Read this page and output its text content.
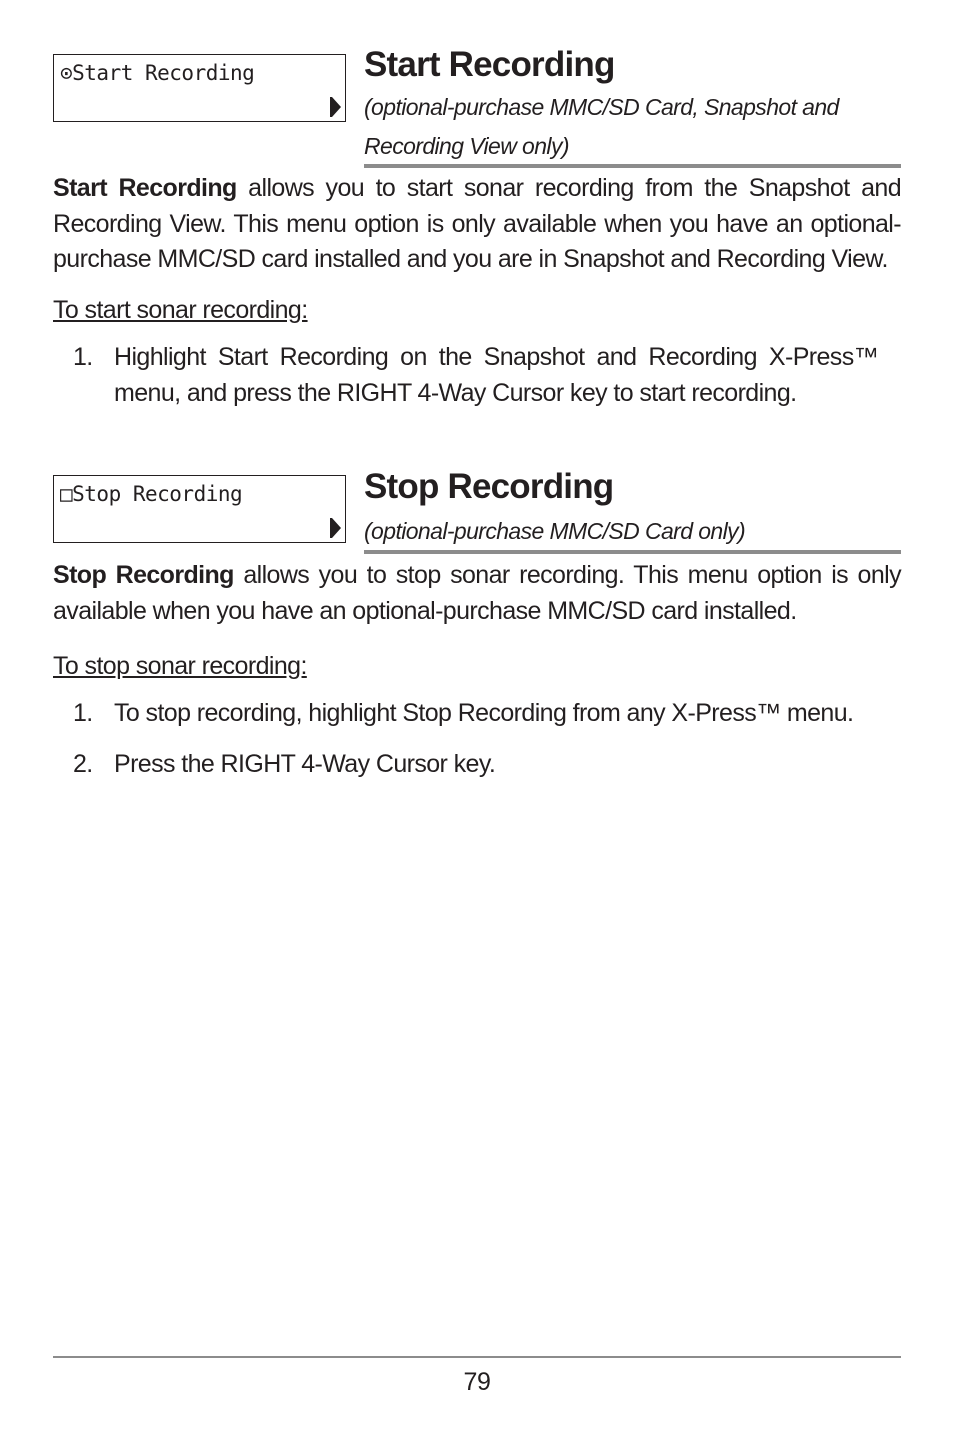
⊙Start Recording	Start Recording

(optional-purchase MMC/SD Card, Snapshot and Recording View only)

Start Recording allows you to start sonar recording from the Snapshot and Recording View. This menu option is only available when you have an optional-purchase MMC/SD card installed and you are in Snapshot and Recording View.

To start sonar recording:

1. Highlight Start Recording on the Snapshot and Recording X-Press™ menu, and press the RIGHT 4-Way Cursor key to start recording.
□Stop Recording	Stop Recording

(optional-purchase MMC/SD Card only)

Stop Recording allows you to stop sonar recording. This menu option is only available when you have an optional-purchase MMC/SD card installed.

To stop sonar recording:

1. To stop recording, highlight Stop Recording from any X-Press™ menu.
2. Press the RIGHT 4-Way Cursor key.
79
